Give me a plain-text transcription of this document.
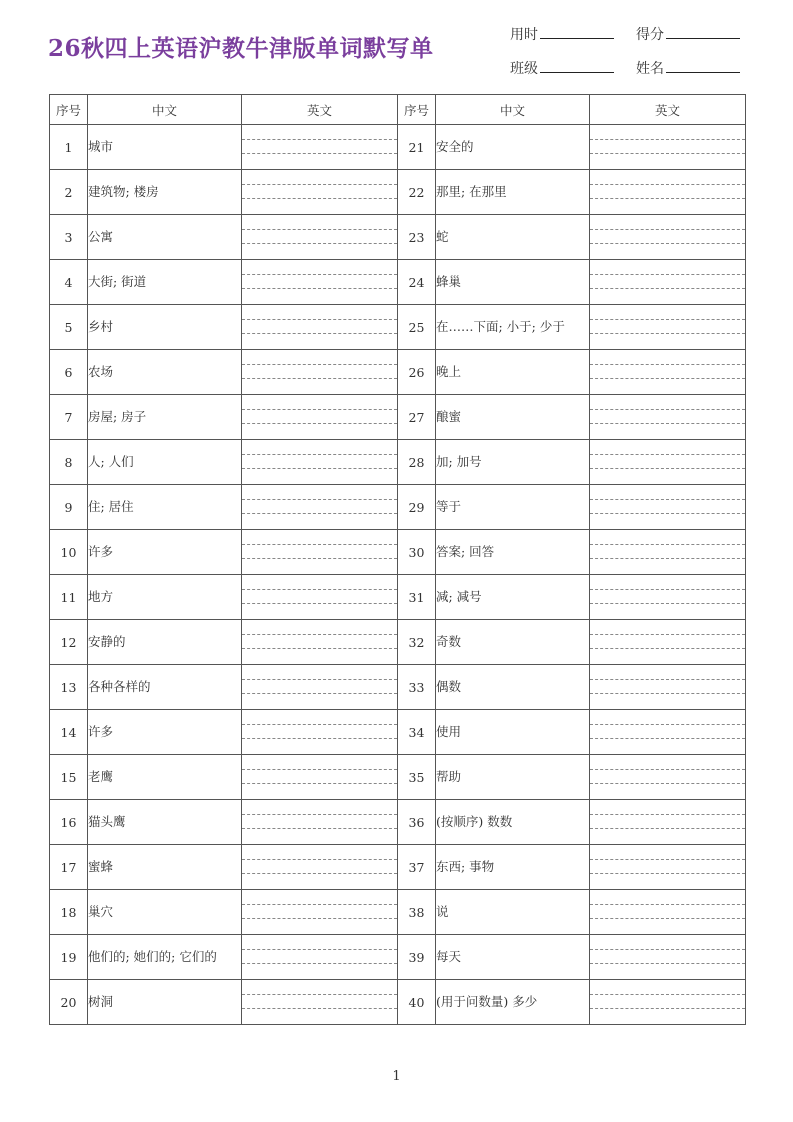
26秋四上英语沪教牛津版单词默写单	用时	得分
班级	姓名
序号	中文	英文	序号	中文	英文
1	城市		21	安全的	

2	建筑物; 楼房		22	那里; 在那里	

3	公寓		23	蛇	

4	大街; 街道		24	蜂巢	

5	乡村		25	在……下面; 小于; 少于	

6	农场		26	晚上	

7	房屋; 房子		27	酿蜜	

8	人; 人们		28	加; 加号	

9	住; 居住		29	等于	

10	许多		30	答案; 回答	

11	地方		31	减; 减号	

12	安静的		32	奇数	

13	各种各样的		33	偶数	

14	许多		34	使用	

15	老鹰		35	帮助	

16	猫头鹰		36	(按顺序) 数数	

17	蜜蜂		37	东西; 事物	

18	巢穴		38	说	

19	他们的; 她们的; 它们的		39	每天	

20	树洞		40	(用于问数量) 多少	
1
